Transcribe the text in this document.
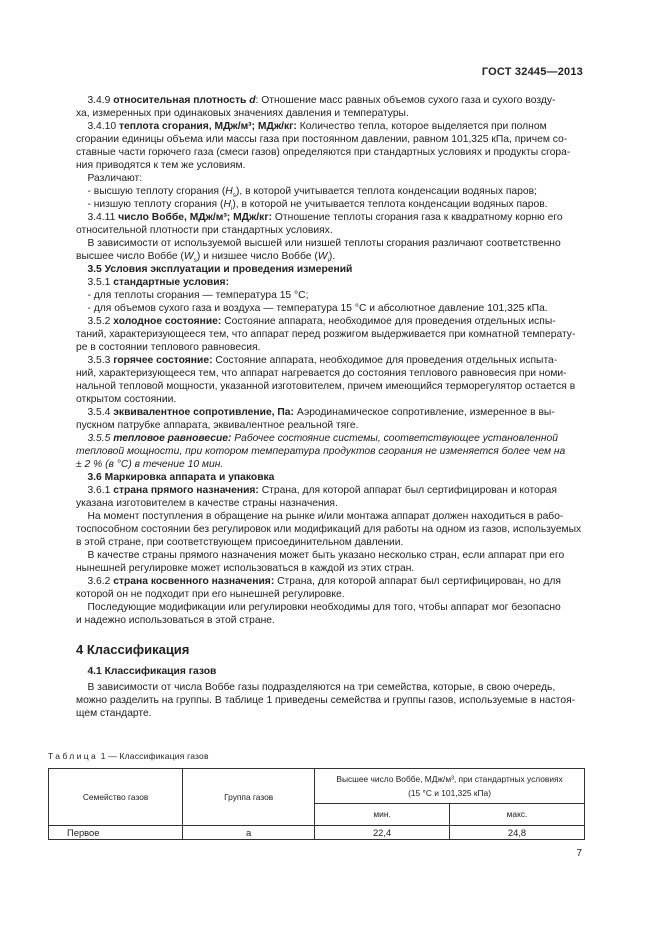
ГОСТ 32445—2013

3.4.9 относительная плотность d: Отношение масс равных объемов сухого газа и сухого возду-
ха, измеренных при одинаковых значениях давления и температуры.

3.4.10 теплота сгорания, МДж/м³; МДж/кг: Количество тепла, которое выделяется при полном
сгорании единицы объема или массы газа при постоянном давлении, равном 101,325 кПа, причем со-
ставные части горючего газа (смеси газов) определяются при стандартных условиях и продукты сгора-
ния приводятся к тем же условиям.

Различают:
- высшую теплоту сгорания $(H_s)$, в которой учитывается теплота конденсации водяных паров;
- низшую теплоту сгорания $(H_i)$, в которой не учитывается теплота конденсации водяных паров.

3.4.11 число Воббе, МДж/м³; МДж/кг: Отношение теплоты сгорания газа к квадратному корню его
относительной плотности при стандартных условиях.

В зависимости от используемой высшей или низшей теплоты сгорания различают соответственно
высшее число Воббе $(W_s)$ и низшее число Воббе $(W_i)$.

3.5 Условия эксплуатации и проведения измерений

3.5.1 стандартные условия:
- для теплоты сгорания — температура 15 °С;
- для объемов сухого газа и воздуха — температура 15 °С и абсолютное давление 101,325 кПа.

3.5.2 холодное состояние: Состояние аппарата, необходимое для проведения отдельных испы-
таний, характеризующееся тем, что аппарат перед розжигом выдерживается при комнатной температу-
ре в состоянии теплового равновесия.

3.5.3 горячее состояние: Состояние аппарата, необходимое для проведения отдельных испыта-
ний, характеризующееся тем, что аппарат нагревается до состояния теплового равновесия при номи-
нальной тепловой мощности, указанной изготовителем, причем имеющийся терморегулятор остается в
открытом состоянии.

3.5.4 эквивалентное сопротивление, Па: Аэродинамическое сопротивление, измеренное в вы-
пускном патрубке аппарата, эквивалентное реальной тяге.

3.5.5 тепловое равновесие: Рабочее состояние системы, соответствующее установленной
тепловой мощности, при котором температура продуктов сгорания не изменяется более чем на
± 2 % (в °С) в течение 10 мин.

3.6 Маркировка аппарата и упаковка

3.6.1 страна прямого назначения: Страна, для которой аппарат был сертифицирован и которая
указана изготовителем в качестве страны назначения.

На момент поступления в обращение на рынке и/или монтажа аппарат должен находиться в рабо-
тоспособном состоянии без регулировок или модификаций для работы на одном из газов, используемых
в этой стране, при соответствующем присоединительном давлении.

В качестве страны прямого назначения может быть указано несколько стран, если аппарат при его
нынешней регулировке может использоваться в каждой из этих стран.

3.6.2 страна косвенного назначения: Страна, для которой аппарат был сертифицирован, но для
которой он не подходит при его нынешней регулировке.

Последующие модификации или регулировки необходимы для того, чтобы аппарат мог безопасно
и надежно использоваться в этой стране.

4 Классификация

4.1 Классификация газов

В зависимости от числа Воббе газы подразделяются на три семейства, которые, в свою очередь,
можно разделить на группы. В таблице 1 приведены семейства и группы газов, используемые в настоя-
щем стандарте.

Таблица 1 — Классификация газов
Семейство газов	Группа газов	Высшее число Воббе, МДж/м³, при стандартных условиях
(15 °С и 101,325 кПа)	

		мин.	макс.
Первое	а	22,4	24,8
7
